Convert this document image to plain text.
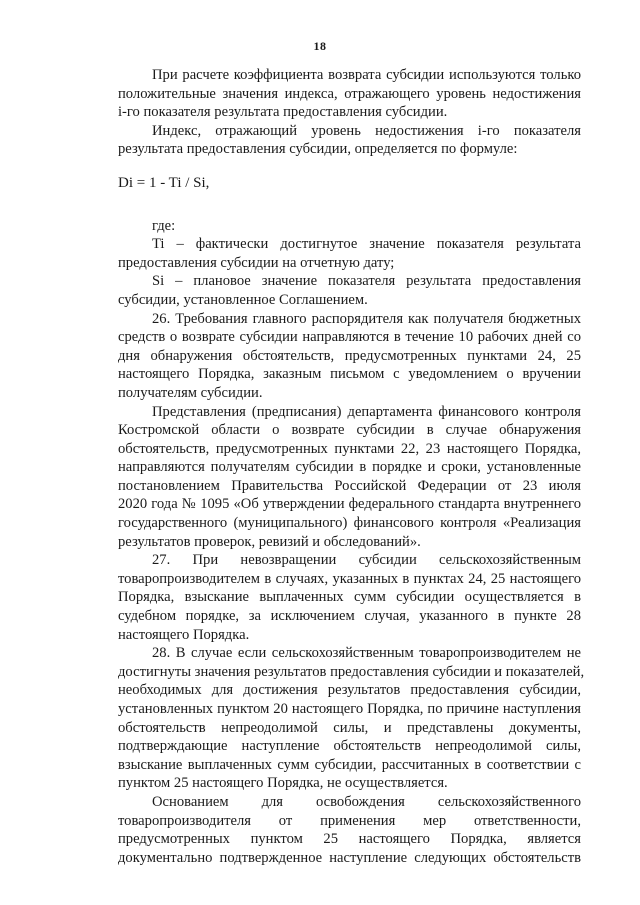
18
При расчете коэффициента возврата субсидии используются только
положительные значения индекса, отражающего уровень недостижения
i-го показателя результата предоставления субсидии.
Индекс, отражающий уровень недостижения i-го показателя
результата предоставления субсидии, определяется по формуле:

Di = 1 - Ti / Si,

где:
Ti – фактически достигнутое значение показателя результата
предоставления субсидии на отчетную дату;
Si – плановое значение показателя результата предоставления
субсидии, установленное Соглашением.
26. Требования главного распорядителя как получателя бюджетных
средств о возврате субсидии направляются в течение 10 рабочих дней со
дня обнаружения обстоятельств, предусмотренных пунктами 24, 25
настоящего Порядка, заказным письмом с уведомлением о вручении
получателям субсидии.
Представления (предписания) департамента финансового контроля
Костромской области о возврате субсидии в случае обнаружения
обстоятельств, предусмотренных пунктами 22, 23 настоящего Порядка,
направляются получателям субсидии в порядке и сроки, установленные
постановлением Правительства Российской Федерации от 23 июля
2020 года № 1095 «Об утверждении федерального стандарта внутреннего
государственного (муниципального) финансового контроля «Реализация
результатов проверок, ревизий и обследований».
27. При невозвращении субсидии сельскохозяйственным
товаропроизводителем в случаях, указанных в пунктах 24, 25 настоящего
Порядка, взыскание выплаченных сумм субсидии осуществляется в
судебном порядке, за исключением случая, указанного в пункте 28
настоящего Порядка.
28. В случае если сельскохозяйственным товаропроизводителем не
достигнуты значения результатов предоставления субсидии и показателей,
необходимых для достижения результатов предоставления субсидии,
установленных пунктом 20 настоящего Порядка, по причине наступления
обстоятельств непреодолимой силы, и представлены документы,
подтверждающие наступление обстоятельств непреодолимой силы,
взыскание выплаченных сумм субсидии, рассчитанных в соответствии с
пунктом 25 настоящего Порядка, не осуществляется.
Основанием для освобождения сельскохозяйственного
товаропроизводителя от применения мер ответственности,
предусмотренных пунктом 25 настоящего Порядка, является
документально подтвержденное наступление следующих обстоятельств
